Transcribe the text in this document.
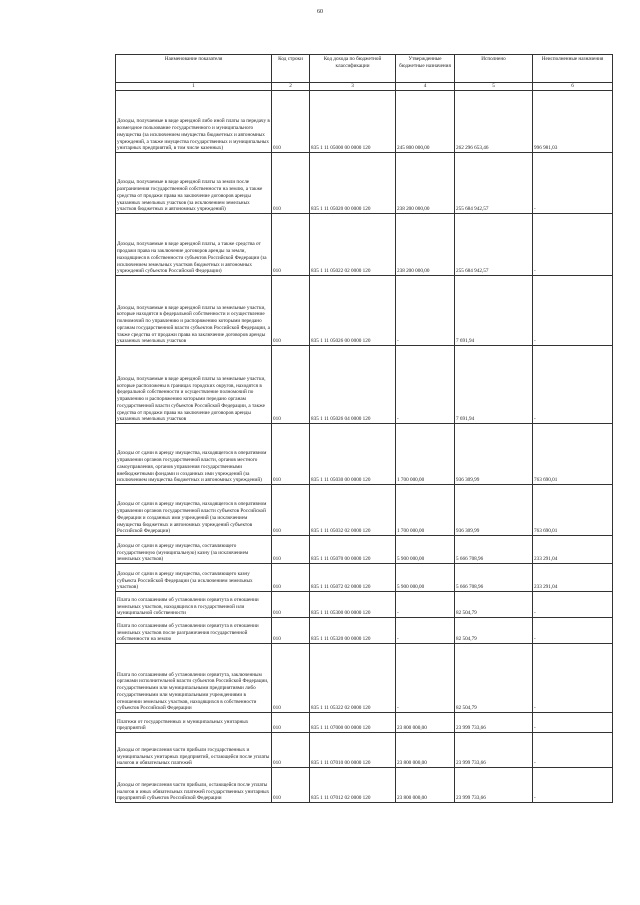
60
Наименование показателя	Код строки	Код дохода по бюджетной классификации	Утвержденные бюджетные назначения	Исполнено	Неисполненные назначения
1	2	3	4	5	6
Доходы, получаемые в виде арендной либо иной платы за передачу в возмездное пользование государственного и муниципального имущества (за исключением имущества бюджетных и автономных учреждений, а также имущества государственных и муниципальных унитарных предприятий, в том числе казенных)	010	835 1 11 05000 00 0000 120	245 800 000,00	262 296 653,46	996 981,03
Доходы, получаемые в виде арендной платы за земли после разграничения государственной собственности на землю, а также средства от продажи права на заключение договоров аренды указанных земельных участков (за исключением земельных участков бюджетных и автономных учреждений)	010	835 1 11 05020 00 0000 120	238 200 000,00	255 684 942,57	-
Доходы, получаемые в виде арендной платы, а также средства от продажи права на заключение договоров аренды за земли, находящиеся в собственности субъектов Российской Федерации (за исключением земельных участков бюджетных и автономных учреждений субъектов Российской Федерации)	010	835 1 11 05022 02 0000 120	238 200 000,00	255 684 942,57	-
Доходы, получаемые в виде арендной платы за земельные участки, которые находятся в федеральной собственности и осуществление полномочий по управлению и распоряжению которыми передано органам государственной власти субъектов Российской Федерации, а также средства от продажи права на заключение договоров аренды указанных земельных участков	010	835 1 11 05026 00 0000 120	-	7 691,94	-
Доходы, получаемые в виде арендной платы за земельные участки, которые расположены в границах городских округов, находятся в федеральной собственности и осуществление полномочий по управлению и распоряжению которыми передано органам государственной власти субъектов Российской Федерации, а также средства от продажи права на заключение договоров аренды указанных земельных участков	010	835 1 11 05026 04 0000 120	-	7 691,94	-
Доходы от сдачи в аренду имущества, находящегося в оперативном управлении органов государственной власти, органов местного самоуправления, органов управления государственными внебюджетными фондами и созданных ими учреждений (за исключением имущества бюджетных и автономных учреждений)	010	835 1 11 05030 00 0000 120	1 700 000,00	936 309,99	763 690,01
Доходы от сдачи в аренду имущества, находящегося в оперативном управлении органов государственной власти субъектов Российской Федерации и созданных ими учреждений (за исключением имущества бюджетных и автономных учреждений субъектов Российской Федерации)	010	835 1 11 05032 02 0000 120	1 700 000,00	936 309,99	763 690,01
Доходы от сдачи в аренду имущества, составляющего государственную (муниципальную) казну (за исключением земельных участков)	010	835 1 11 05070 00 0000 120	5 900 000,00	5 666 708,96	233 291,04
Доходы от сдачи в аренду имущества, составляющего казну субъекта Российской Федерации (за исключением земельных участков)	010	835 1 11 05072 02 0000 120	5 900 000,00	5 666 708,96	233 291,04
Плата по соглашениям об установлении сервитута в отношении земельных участков, находящихся в государственной или муниципальной собственности	010	835 1 11 05300 00 0000 120	-	82 504,79	-
Плата по соглашениям об установлении сервитута в отношении земельных участков после разграничения государственной собственности на землю	010	835 1 11 05320 00 0000 120	-	82 504,79	-
Плата по соглашениям об установлении сервитута, заключенным органами исполнительной власти субъектов Российской Федерации, государственными или муниципальными предприятиями либо государственными или муниципальными учреждениями в отношении земельных участков, находящихся в собственности субъектов Российской Федерации	010	835 1 11 05322 02 0000 120	-	82 504,79	-
Платежи от государственных и муниципальных унитарных предприятий	010	835 1 11 07000 00 0000 120	23 800 000,00	23 999 733,66	-
Доходы от перечисления части прибыли государственных и муниципальных унитарных предприятий, остающейся после уплаты налогов и обязательных платежей	010	835 1 11 07010 00 0000 120	23 800 000,00	23 999 733,66	-
Доходы от перечисления части прибыли, остающейся после уплаты налогов и иных обязательных платежей государственных унитарных предприятий субъектов Российской Федерации	010	835 1 11 07012 02 0000 120	23 800 000,00	23 999 733,66	-
